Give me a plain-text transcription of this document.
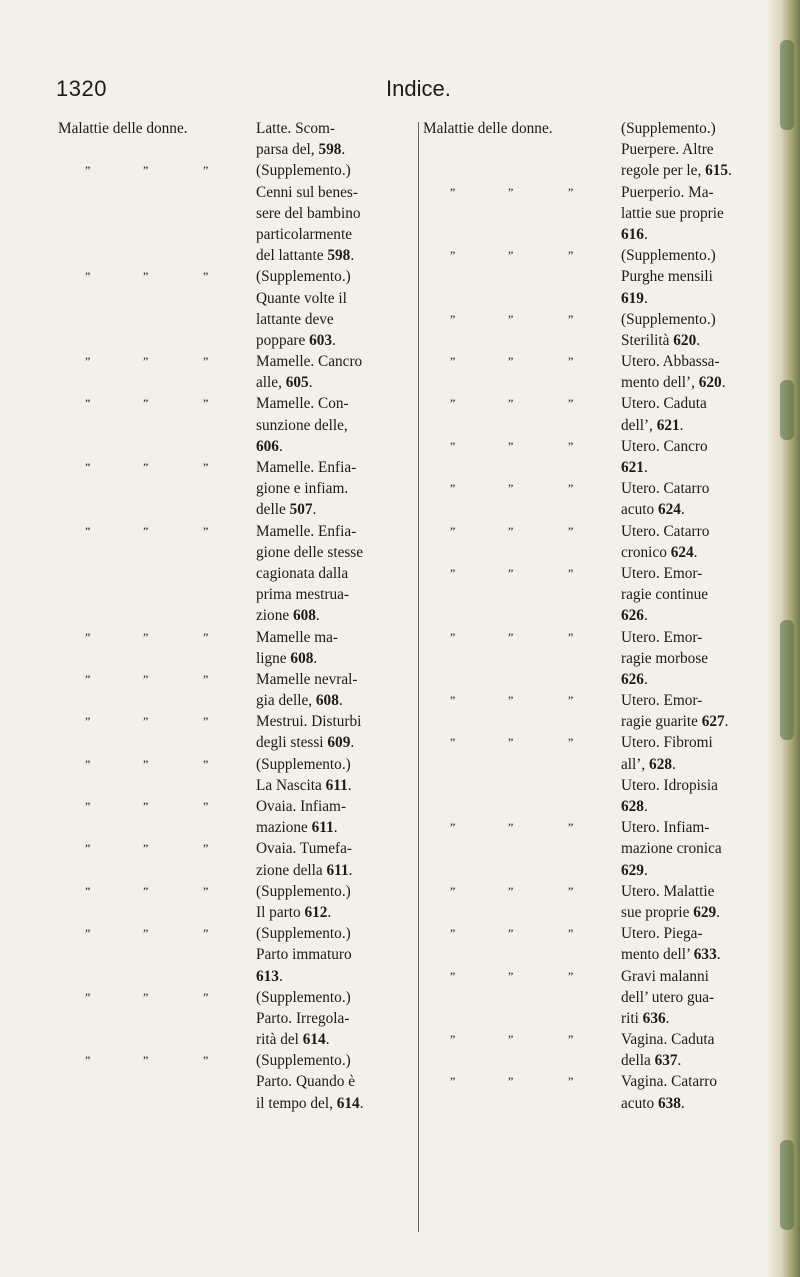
1320	Indice.
Malattie delle donne.	Latte. Scom-
parsa del, 598.
”	”	”	(Supplemento.)
Cenni sul benes-
sere del bambino
particolarmente
del lattante 598.
”	”	”	(Supplemento.)
Quante volte il
lattante deve
poppare 603.
”	”	”	Mamelle. Cancro
alle, 605.
”	”	”	Mamelle. Con-
sunzione delle,
606.
”	”	”	Mamelle. Enfia-
gione e infiam.
delle 507.
”	”	”	Mamelle. Enfia-
gione delle stesse
cagionata dalla
prima mestrua-
zione 608.
”	”	”	Mamelle ma-
ligne 608.
”	”	”	Mamelle nevral-
gia delle, 608.
”	”	”	Mestrui. Disturbi
degli stessi 609.
”	”	”	(Supplemento.)
La Nascita 611.
”	”	”	Ovaia. Infiam-
mazione 611.
”	”	”	Ovaia. Tumefa-
zione della 611.
”	”	”	(Supplemento.)
Il parto 612.
”	”	”	(Supplemento.)
Parto immaturo
613.
”	”	”	(Supplemento.)
Parto. Irregola-
rità del 614.
”	”	”	(Supplemento.)
Parto. Quando è
il tempo del, 614.
Malattie delle donne.	(Supplemento.)
Puerpere. Altre
regole per le, 615.
”	”	”	Puerperio. Ma-
lattie sue proprie
616.
”	”	”	(Supplemento.)
Purghe mensili
619.
”	”	”	(Supplemento.)
Sterilità 620.
”	”	”	Utero. Abbassa-
mento dell’, 620.
”	”	”	Utero. Caduta
dell’, 621.
”	”	”	Utero. Cancro
621.
”	”	”	Utero. Catarro
acuto 624.
”	”	”	Utero. Catarro
cronico 624.
”	”	”	Utero. Emor-
ragie continue
626.
”	”	”	Utero. Emor-
ragie morbose
626.
”	”	”	Utero. Emor-
ragie guarite 627.
”	”	”	Utero. Fibromi
all’, 628.
Utero. Idropisia
628.
”	”	”	Utero. Infiam-
mazione cronica
629.
”	”	”	Utero. Malattie
sue proprie 629.
”	”	”	Utero. Piega-
mento dell’ 633.
”	”	”	Gravi malanni
dell’ utero gua-
riti 636.
”	”	”	Vagina. Caduta
della 637.
”	”	”	Vagina. Catarro
acuto 638.
